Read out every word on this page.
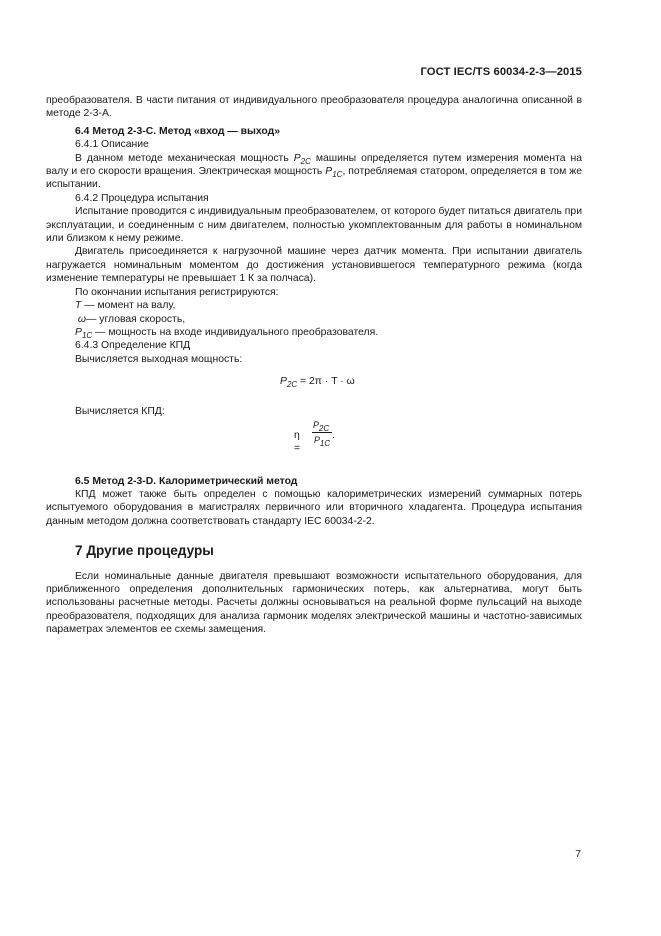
ГОСТ IEC/TS 60034-2-3—2015

преобразователя. В части питания от индивидуального преобразователя процедура аналогична описанной в методе 2-3-А.

6.4 Метод 2-3-С. Метод «вход — выход»

6.4.1 Описание

В данном методе механическая мощность $P_{2C}$ машины определяется путем измерения момента на валу и его скорости вращения. Электрическая мощность $P_{1C}$, потребляемая статором, определяется в том же испытании.

6.4.2 Процедура испытания

Испытание проводится с индивидуальным преобразователем, от которого будет питаться двигатель при эксплуатации, и соединенным с ним двигателем, полностью укомплектованным для работы в номинальном или близком к нему режиме.

Двигатель присоединяется к нагрузочной машине через датчик момента. При испытании двигатель нагружается номинальным моментом до достижения установившегося температурного режима (когда изменение температуры не превышает 1 К за полчаса).

По окончании испытания регистрируются:

T — момент на валу,

ω— угловая скорость,

$P_{1C}$ — мощность на входе индивидуального преобразователя.

6.4.3 Определение КПД

Вычисляется выходная мощность:

$P_{2C} = 2\pi \cdot T \cdot \omega$

Вычисляется КПД:

η =
$P_{2C}$
$P_{1C}$
.

6.5 Метод 2-3-D. Калориметрический метод

КПД может также быть определен с помощью калориметрических измерений суммарных потерь испытуемого оборудования в магистралях первичного или вторичного хладагента. Процедура испытания данным методом должна соответствовать стандарту IEC 60034-2-2.

7 Другие процедуры

Если номинальные данные двигателя превышают возможности испытательного оборудования, для приближенного определения дополнительных гармонических потерь, как альтернатива, могут быть использованы расчетные методы. Расчеты должны основываться на реальной форме пульсаций на выходе преобразователя, подходящих для анализа гармоник моделях электрической машины и частотно-зависимых параметрах элементов ее схемы замещения.

7
